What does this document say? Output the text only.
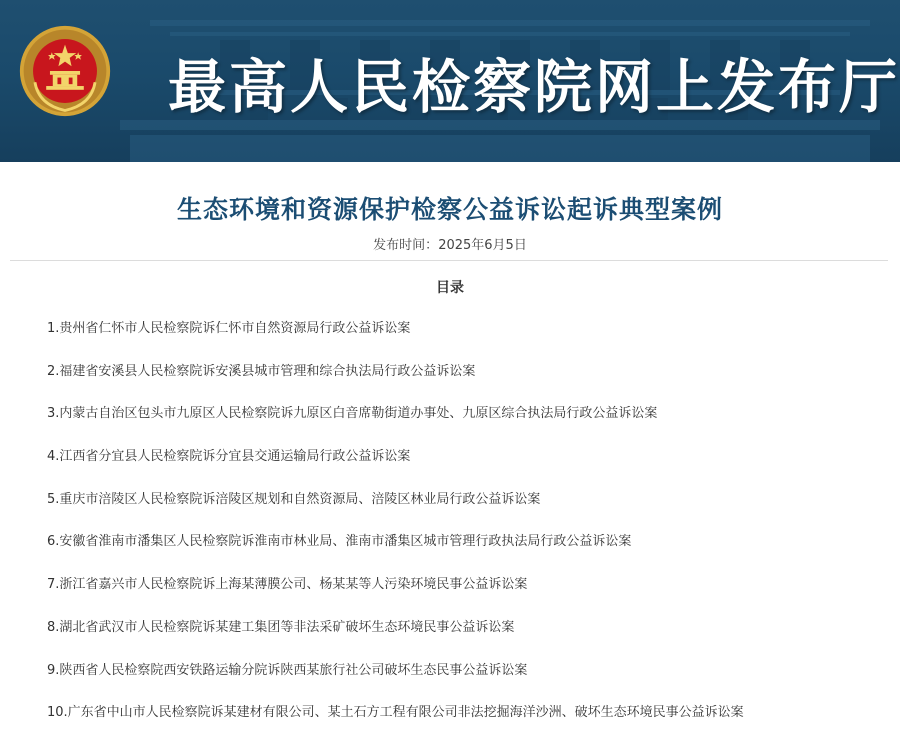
最高人民检察院网上发布厅
生态环境和资源保护检察公益诉讼起诉典型案例
发布时间：2025年6月5日
目录
1.贵州省仁怀市人民检察院诉仁怀市自然资源局行政公益诉讼案
2.福建省安溪县人民检察院诉安溪县城市管理和综合执法局行政公益诉讼案
3.内蒙古自治区包头市九原区人民检察院诉九原区白音席勒街道办事处、九原区综合执法局行政公益诉讼案
4.江西省分宜县人民检察院诉分宜县交通运输局行政公益诉讼案
5.重庆市涪陵区人民检察院诉涪陵区规划和自然资源局、涪陵区林业局行政公益诉讼案
6.安徽省淮南市潘集区人民检察院诉淮南市林业局、淮南市潘集区城市管理行政执法局行政公益诉讼案
7.浙江省嘉兴市人民检察院诉上海某薄膜公司、杨某某等人污染环境民事公益诉讼案
8.湖北省武汉市人民检察院诉某建工集团等非法采矿破坏生态环境民事公益诉讼案
9.陕西省人民检察院西安铁路运输分院诉陕西某旅行社公司破坏生态民事公益诉讼案
10.广东省中山市人民检察院诉某建材有限公司、某土石方工程有限公司非法挖掘海洋沙洲、破坏生态环境民事公益诉讼案
